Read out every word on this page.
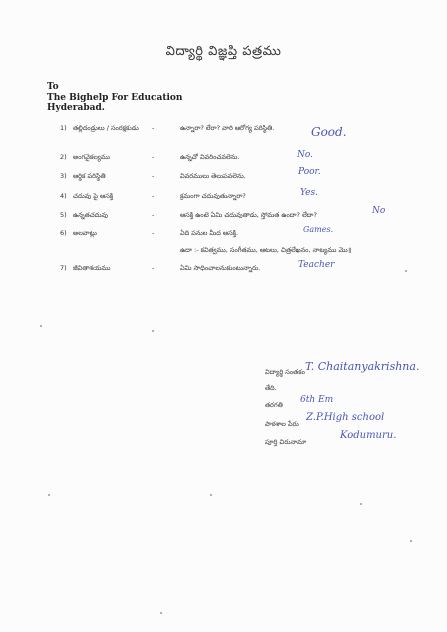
విద్యార్థి విజ్ఞప్తి పత్రము
To
The Bighelp For Education
Hyderabad.
1) తల్లిదండ్రులు / సంరక్షకుడు -	ఉన్నారా? లేరా? వారి ఆరోగ్య పరిస్థితి.	Good.
2) అంగవైకల్యము	-	ఉన్నచో వివరించవలెను.	No.
3) ఆర్థిక పరిస్థితి	-	వివరములు తెలుపవలెను.	Poor.
4) చదువు పై ఆసక్తి	-	క్రమంగా చదువుతున్నారా?	Yes.
5) ఉన్నతచదువు	-	ఆసక్తి ఉంటె ఏమి చదువుతాడు, స్తోమత ఉందా? లేదా?	No
6) అలవాట్లు	-	ఏది పనుల మీద ఆసక్తి.	Games.
ఉదా :- కవిత్వము, సంగీతము, ఆటలు, చిత్రలేఖనం, నాట్యము మొ॥
7) జీవితాశయము	-	ఏమి సాధించాలనుకుంటున్నారు.	Teacher
విద్యార్థి సంతకం T. Chaitanyakrishna.
తేది.
తరగతి 6th Em
పాఠశాల పేరు
Z.P.High school
పూర్తి చిరునామా
Kodumuru.
